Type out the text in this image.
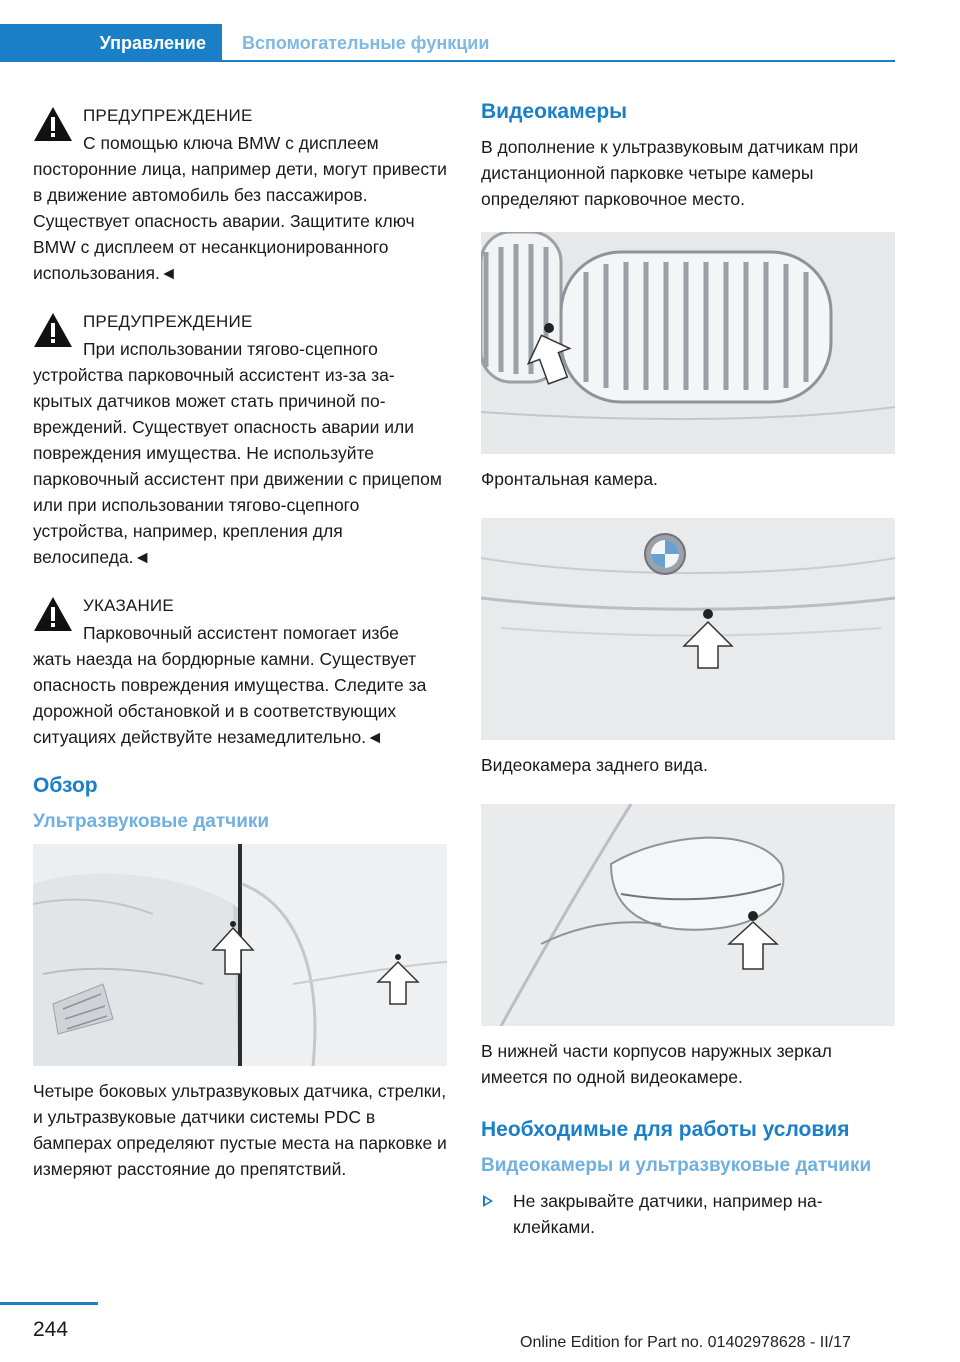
Управление	Вспомогательные функции
ПРЕДУПРЕЖДЕНИЕ
С помощью ключа BMW с дисплеем
посторонние лица, например дети, могут привести в движение автомобиль без пассажиров. Существует опасность аварии. Защитите ключ BMW с дисплеем от несанкционированного использования.◄
ПРЕДУПРЕЖДЕНИЕ
При использовании тягово-сцепного
устройства парковочный ассистент из-за закрытых датчиков может стать причиной повреждений. Существует опасность аварии или повреждения имущества. Не используйте парковочный ассистент при движении с прицепом или при использовании тягово-сцепного устройства, например, крепления для велосипеда.◄
УКАЗАНИЕ
Парковочный ассистент помогает избе
жать наезда на бордюрные камни. Существует опасность повреждения имущества. Следите за дорожной обстановкой и в соответствующих ситуациях действуйте незамедлительно.◄
Обзор
Ультразвуковые датчики
Четыре боковых ультразвуковых датчика, стрелки, и ультразвуковые датчики системы PDC в бамперах определяют пустые места на парковке и измеряют расстояние до препятствий.
Видеокамеры
В дополнение к ультразвуковым датчикам при дистанционной парковке четыре камеры определяют парковочное место.
Фронтальная камера.
Видеокамера заднего вида.
В нижней части корпусов наружных зеркал имеется по одной видеокамере.
Необходимые для работы условия
Видеокамеры и ультразвуковые датчики
Не закрывайте датчики, например наклейками.
244
Online Edition for Part no. 01402978628 - II/17
